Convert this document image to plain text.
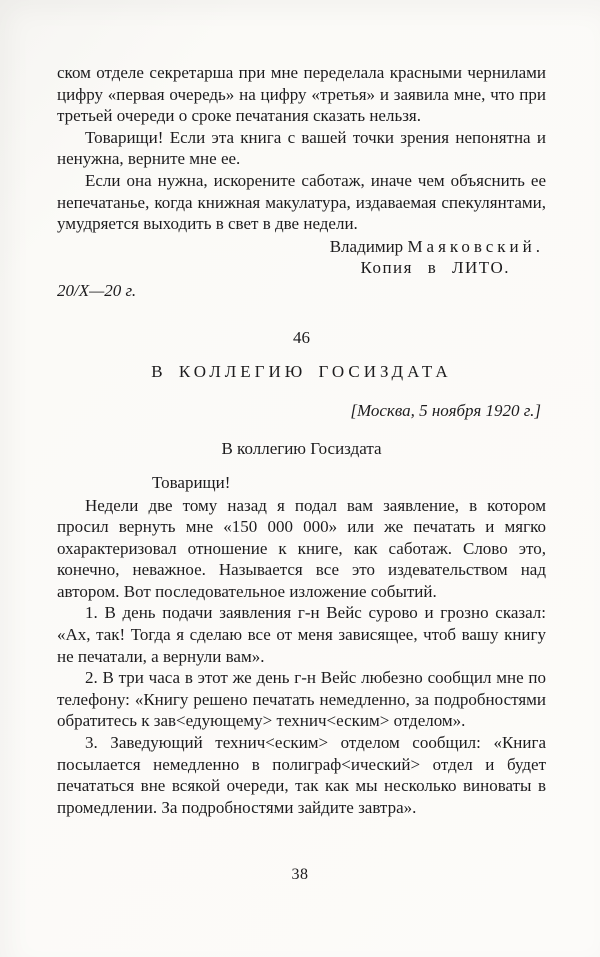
ском отделе секретарша при мне переделала красными чернилами цифру «первая очередь» на цифру «третья» и заявила мне, что при третьей очереди о сроке печатания сказать нельзя.

Товарищи! Если эта книга с вашей точки зрения непонятна и ненужна, верните мне ее.

Если она нужна, искорените саботаж, иначе чем объяснить ее непечатанье, когда книжная макулатура, издаваемая спекулянтами, умудряется выходить в свет в две недели.

Владимир Маяковский.

Копия в ЛИТО.

20/X—20 г.

46

В КОЛЛЕГИЮ ГОСИЗДАТА

[Москва, 5 ноября 1920 г.]

В коллегию Госиздата

Товарищи!

Недели две тому назад я подал вам заявление, в котором просил вернуть мне «150 000 000» или же печатать и мягко охарактеризовал отношение к книге, как саботаж. Слово это, конечно, неважное. Называется все это издевательством над автором. Вот последовательное изложение событий.

1. В день подачи заявления г-н Вейс сурово и грозно сказал: «Ах, так! Тогда я сделаю все от меня зависящее, чтоб вашу книгу не печатали, а вернули вам».

2. В три часа в этот же день г-н Вейс любезно сообщил мне по телефону: «Книгу решено печатать немедленно, за подробностями обратитесь к зав<едующему> технич<еским> отделом».

3. Заведующий технич<еским> отделом сообщил: «Книга посылается немедленно в полиграф<ический> отдел и будет печататься вне всякой очереди, так как мы несколько виноваты в промедлении. За подробностями зайдите завтра».

38
